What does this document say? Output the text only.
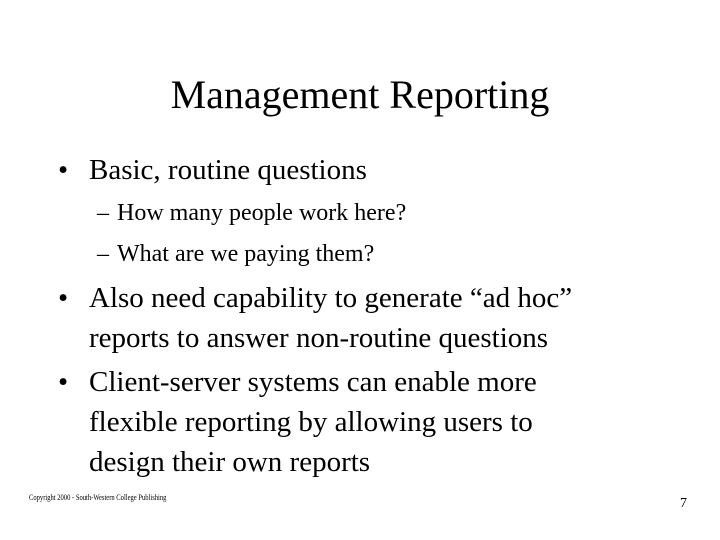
Management Reporting
• Basic, routine questions
– How many people work here?
– What are we paying them?
• Also need capability to generate “ad hoc”
reports to answer non-routine questions
• Client-server systems can enable more
flexible reporting by allowing users to
design their own reports
Copyright 2000 - South-Western College Publishing	7
